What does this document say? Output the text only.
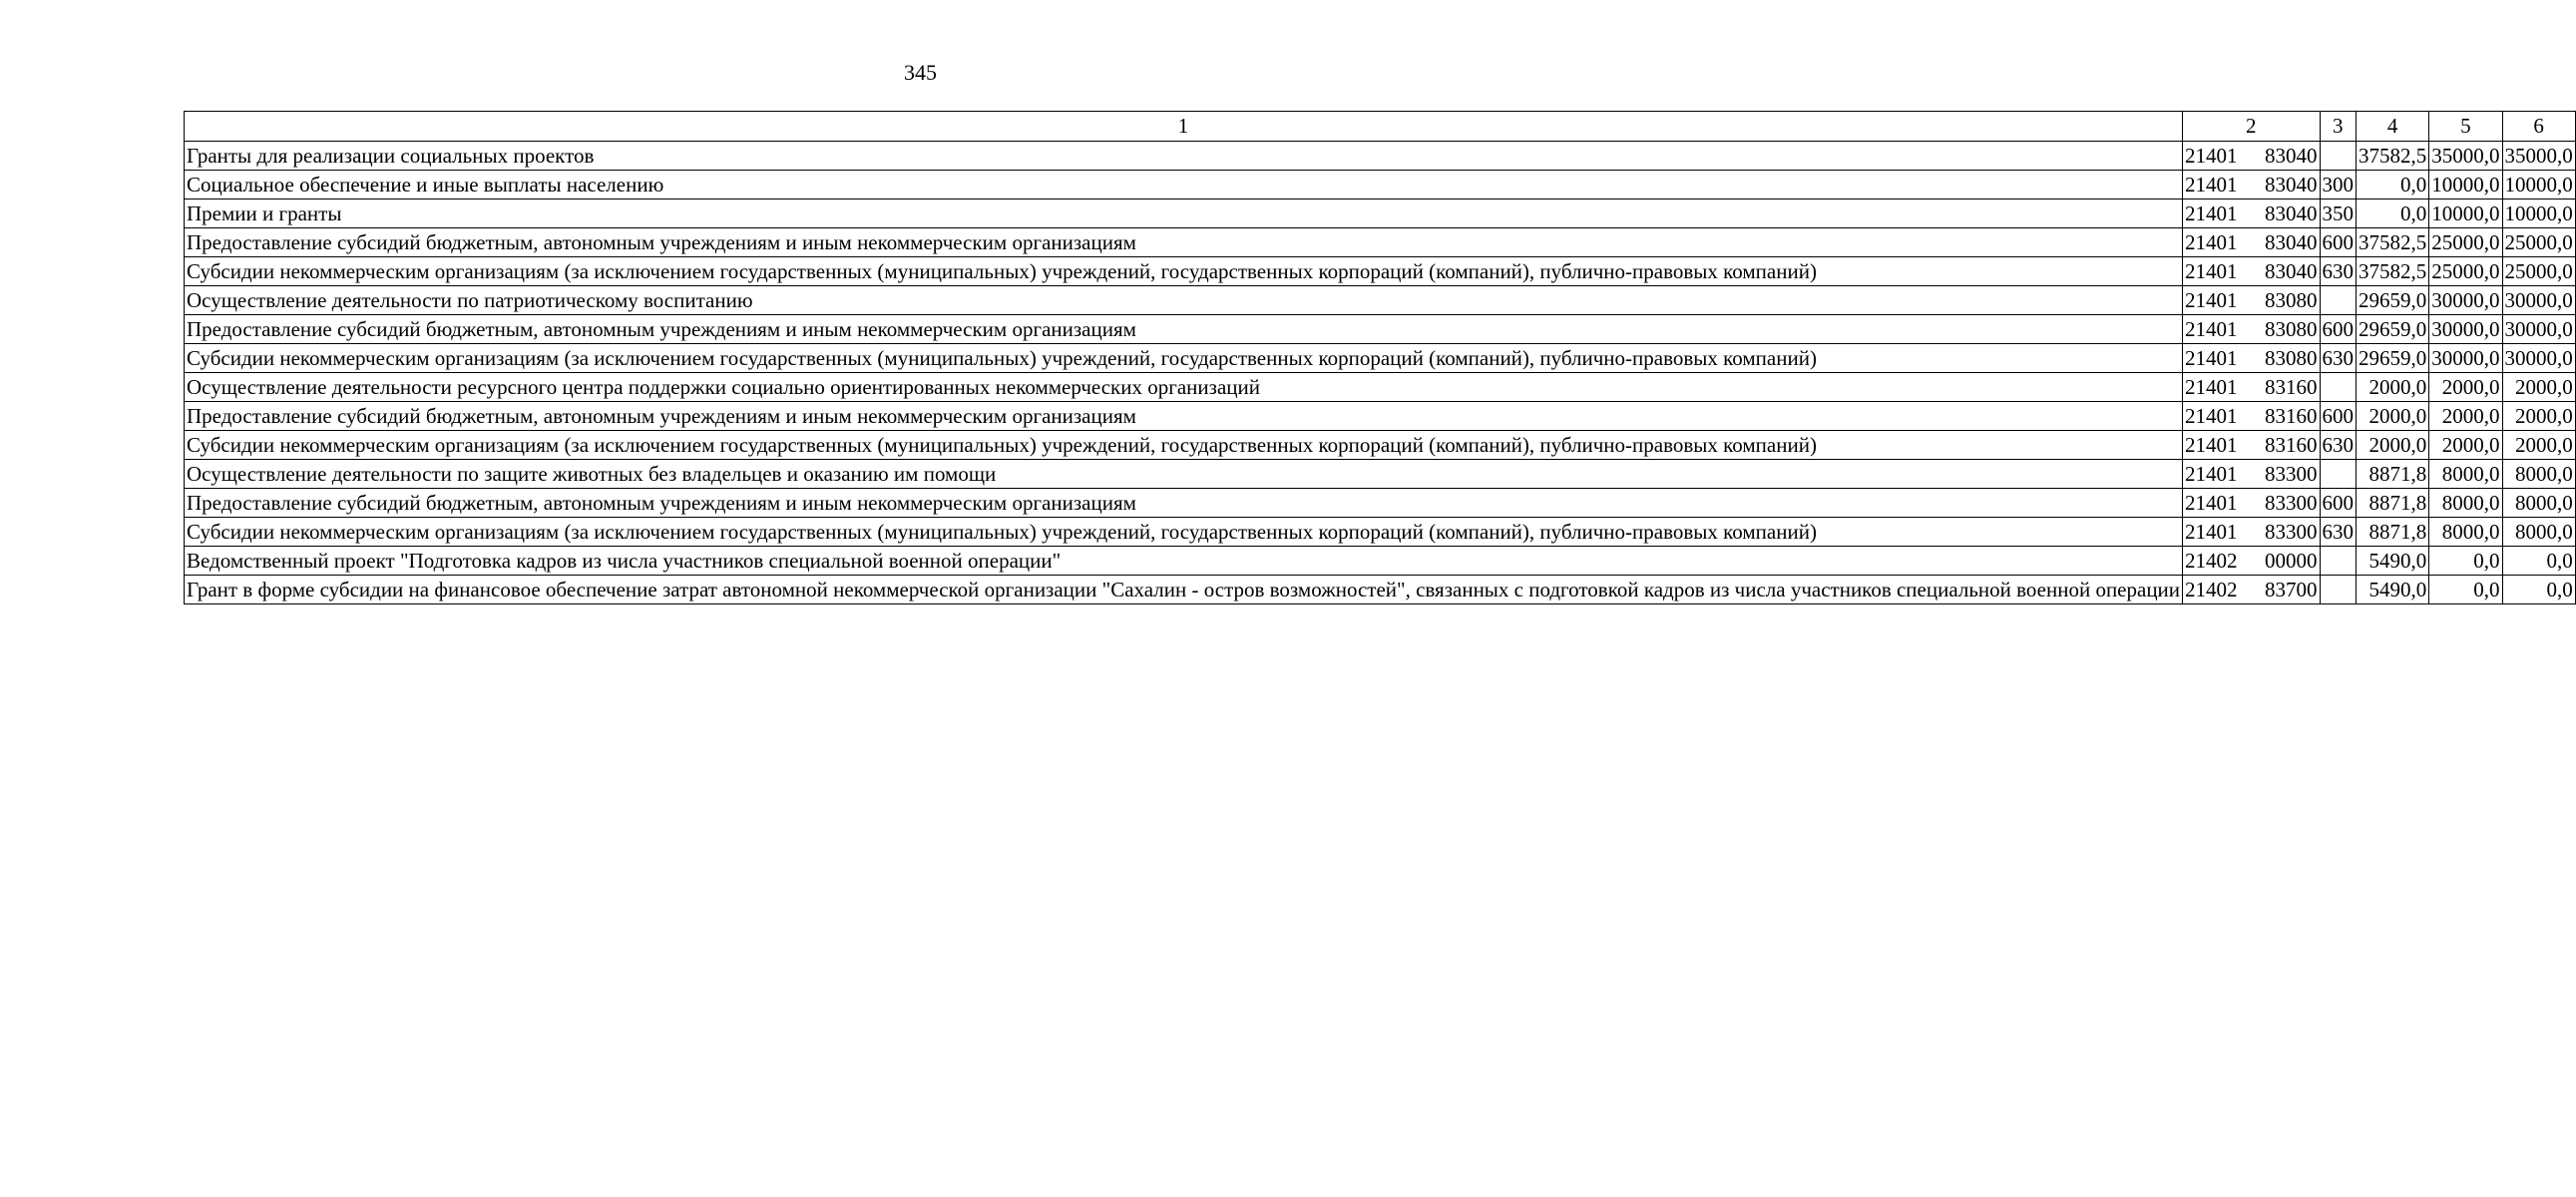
345
1	2	3	4	5	6
Гранты для реализации социальных проектов	21401 83040		37582,5	35000,0	35000,0
Социальное обеспечение и иные выплаты населению	21401 83040	300	0,0	10000,0	10000,0
Премии и гранты	21401 83040	350	0,0	10000,0	10000,0
Предоставление субсидий бюджетным, автономным учреждениям и иным некоммерческим организациям	21401 83040	600	37582,5	25000,0	25000,0
Субсидии некоммерческим организациям (за исключением государственных (муниципальных) учреждений, государственных корпораций (компаний), публично-правовых компаний)	21401 83040	630	37582,5	25000,0	25000,0
Осуществление деятельности по патриотическому воспитанию	21401 83080		29659,0	30000,0	30000,0
Предоставление субсидий бюджетным, автономным учреждениям и иным некоммерческим организациям	21401 83080	600	29659,0	30000,0	30000,0
Субсидии некоммерческим организациям (за исключением государственных (муниципальных) учреждений, государственных корпораций (компаний), публично-правовых компаний)	21401 83080	630	29659,0	30000,0	30000,0
Осуществление деятельности ресурсного центра поддержки социально ориентированных некоммерческих организаций	21401 83160		2000,0	2000,0	2000,0
Предоставление субсидий бюджетным, автономным учреждениям и иным некоммерческим организациям	21401 83160	600	2000,0	2000,0	2000,0
Субсидии некоммерческим организациям (за исключением государственных (муниципальных) учреждений, государственных корпораций (компаний), публично-правовых компаний)	21401 83160	630	2000,0	2000,0	2000,0
Осуществление деятельности по защите животных без владельцев и оказанию им помощи	21401 83300		8871,8	8000,0	8000,0
Предоставление субсидий бюджетным, автономным учреждениям и иным некоммерческим организациям	21401 83300	600	8871,8	8000,0	8000,0
Субсидии некоммерческим организациям (за исключением государственных (муниципальных) учреждений, государственных корпораций (компаний), публично-правовых компаний)	21401 83300	630	8871,8	8000,0	8000,0
Ведомственный проект "Подготовка кадров из числа участников специальной военной операции"	21402 00000		5490,0	0,0	0,0
Грант в форме субсидии на финансовое обеспечение затрат автономной некоммерческой организации "Сахалин - остров возможностей", связанных с подготовкой кадров из числа участников специальной военной операции	21402 83700		5490,0	0,0	0,0
